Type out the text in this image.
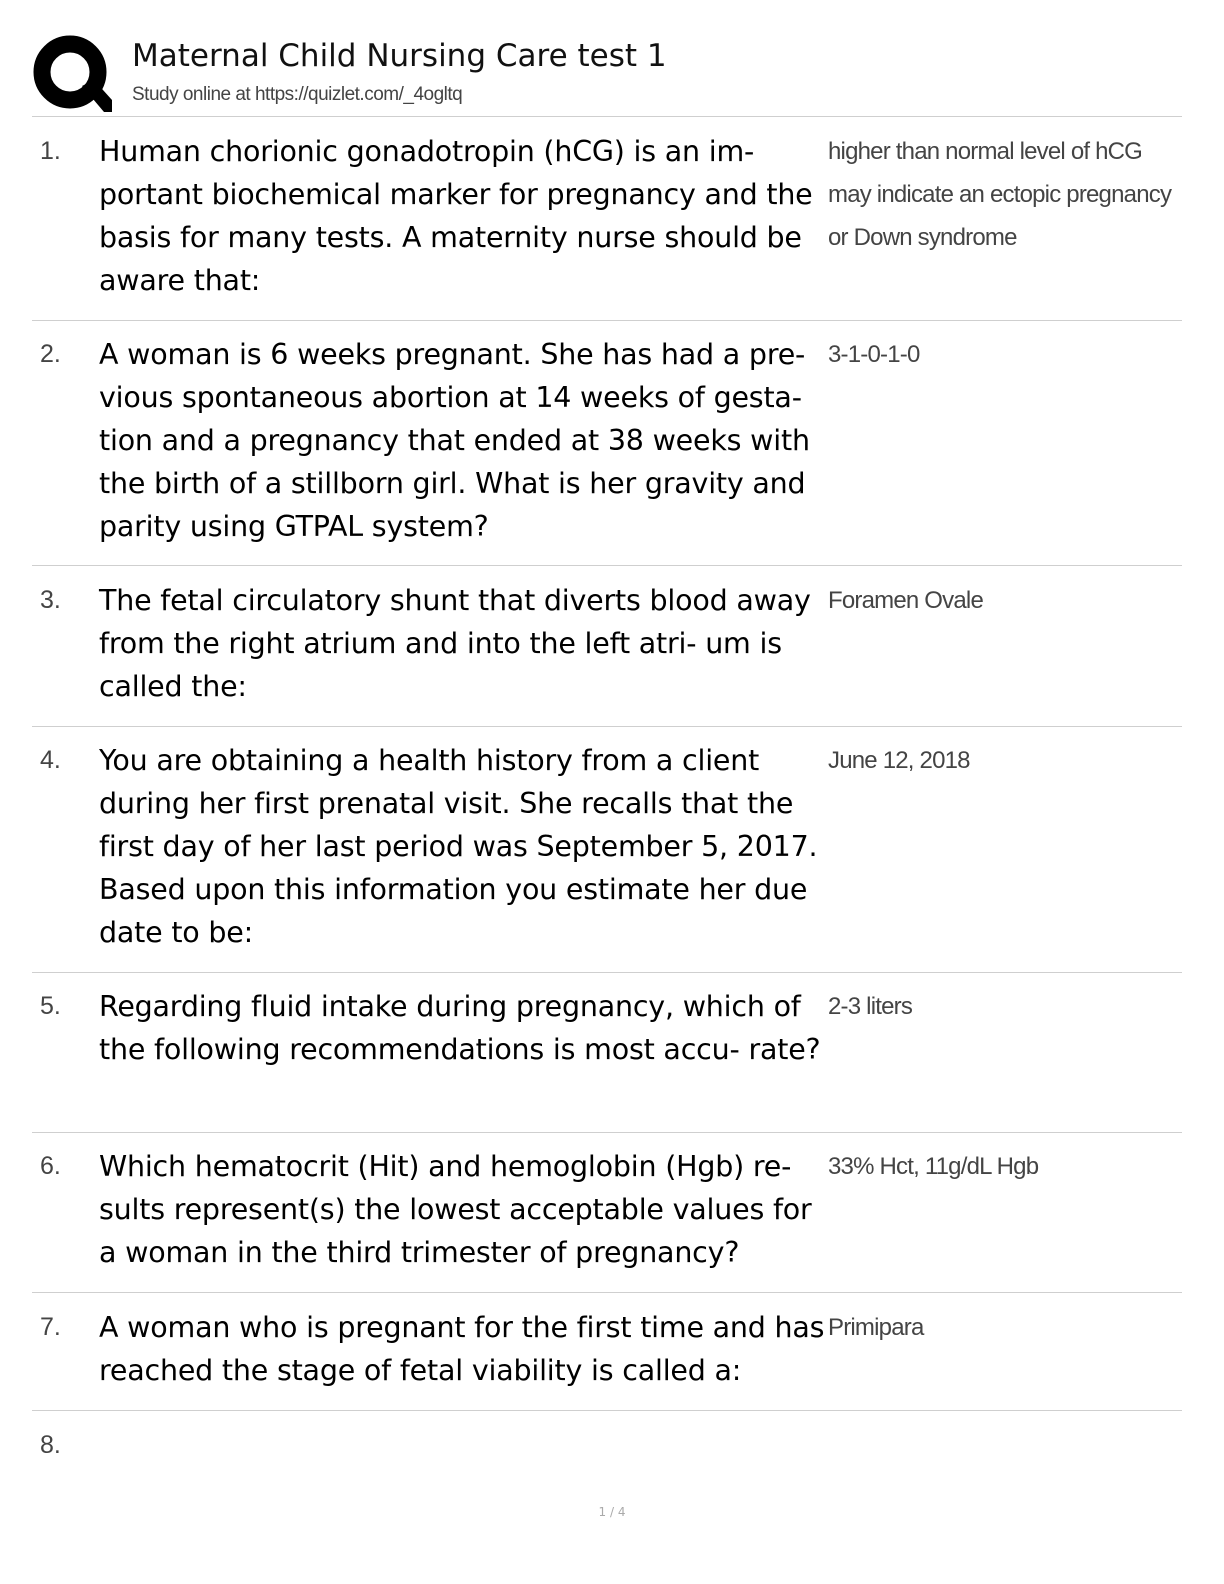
Maternal Child Nursing Care test 1
Study online at https://quizlet.com/_4ogltq
1. Human chorionic gonadotropin (hCG) is an im- portant biochemical marker for pregnancy and the basis for many tests. A maternity nurse should be aware that:
higher than normal level of hCG may indicate an ectopic pregnancy or Down syndrome
2. A woman is 6 weeks pregnant. She has had a pre- vious spontaneous abortion at 14 weeks of gesta- tion and a pregnancy that ended at 38 weeks with the birth of a stillborn girl. What is her gravity and parity using GTPAL system?
3-1-0-1-0
3. The fetal circulatory shunt that diverts blood away from the right atrium and into the left atri- um is called the:
Foramen Ovale
4. You are obtaining a health history from a client during her first prenatal visit. She recalls that the first day of her last period was September 5, 2017. Based upon this information you estimate her due date to be:
June 12, 2018
5. Regarding fluid intake during pregnancy, which of the following recommendations is most accu- rate?
2-3 liters
6. Which hematocrit (Hit) and hemoglobin (Hgb) re- sults represent(s) the lowest acceptable values for a woman in the third trimester of pregnancy?
33% Hct, 11g/dL Hgb
7. A woman who is pregnant for the first time and has reached the stage of fetal viability is called a:
Primipara
8.
1 / 4
